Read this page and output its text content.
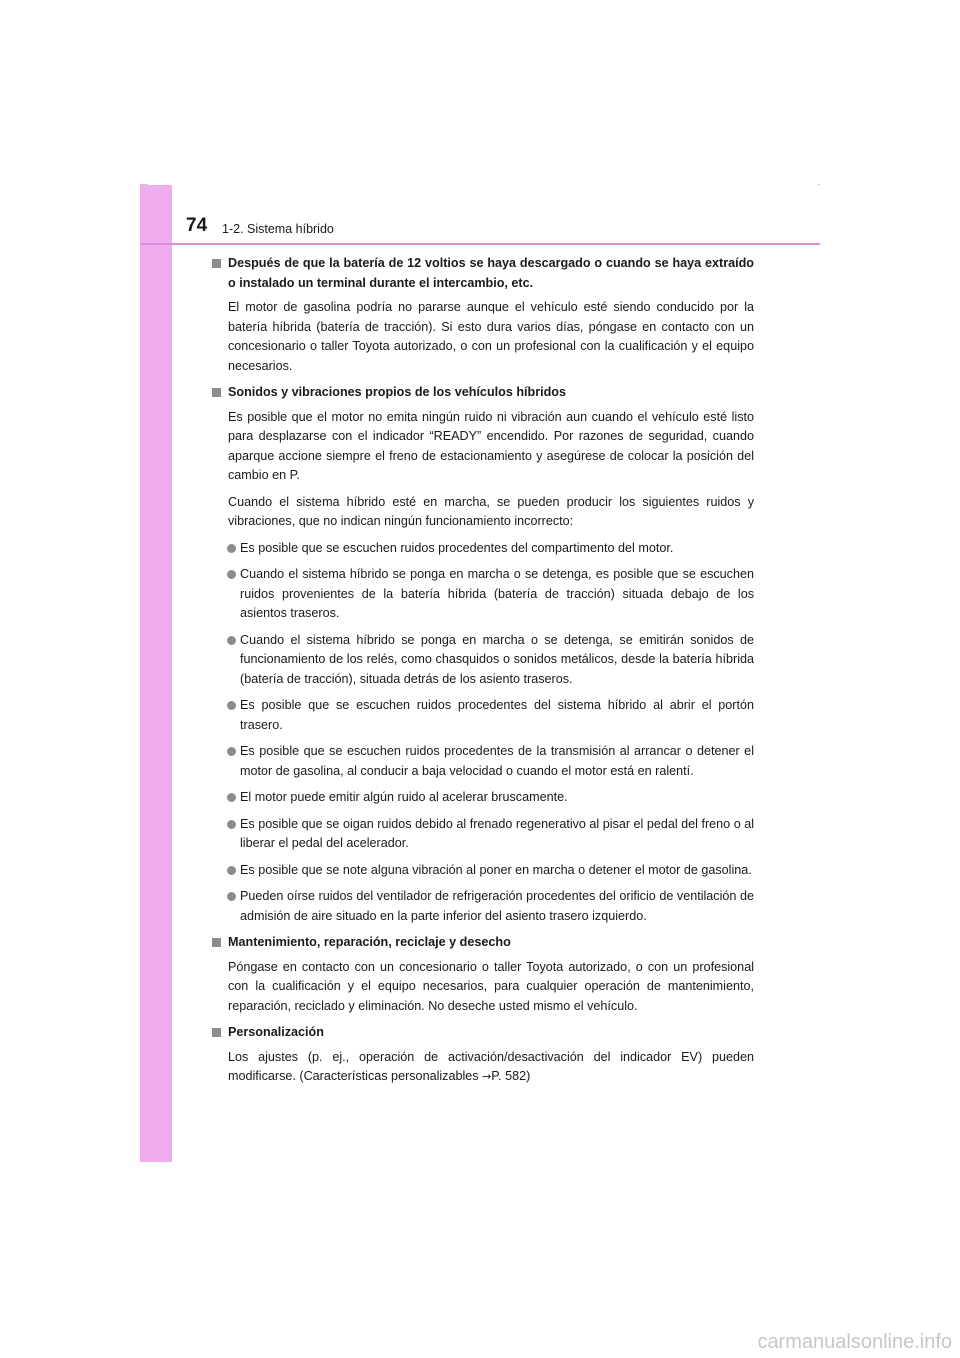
74 1-2. Sistema híbrido
Después de que la batería de 12 voltios se haya descargado o cuando se haya extraído o instalado un terminal durante el intercambio, etc.

El motor de gasolina podría no pararse aunque el vehículo esté siendo conducido por la batería híbrida (batería de tracción). Si esto dura varios días, póngase en contacto con un concesionario o taller Toyota autorizado, o con un profesional con la cualificación y el equipo necesarios.

Sonidos y vibraciones propios de los vehículos híbridos

Es posible que el motor no emita ningún ruido ni vibración aun cuando el vehículo esté listo para desplazarse con el indicador “READY” encendido. Por razones de seguridad, cuando aparque accione siempre el freno de estacionamiento y asegúrese de colocar la posición del cambio en P.

Cuando el sistema híbrido esté en marcha, se pueden producir los siguientes ruidos y vibraciones, que no indican ningún funcionamiento incorrecto:

Es posible que se escuchen ruidos procedentes del compartimento del motor.
Cuando el sistema híbrido se ponga en marcha o se detenga, es posible que se escuchen ruidos provenientes de la batería híbrida (batería de tracción) situada debajo de los asientos traseros.
Cuando el sistema híbrido se ponga en marcha o se detenga, se emitirán sonidos de funcionamiento de los relés, como chasquidos o sonidos metálicos, desde la batería híbrida (batería de tracción), situada detrás de los asiento traseros.
Es posible que se escuchen ruidos procedentes del sistema híbrido al abrir el portón trasero.
Es posible que se escuchen ruidos procedentes de la transmisión al arrancar o detener el motor de gasolina, al conducir a baja velocidad o cuando el motor está en ralentí.
El motor puede emitir algún ruido al acelerar bruscamente.
Es posible que se oigan ruidos debido al frenado regenerativo al pisar el pedal del freno o al liberar el pedal del acelerador.
Es posible que se note alguna vibración al poner en marcha o detener el motor de gasolina.
Pueden oírse ruidos del ventilador de refrigeración procedentes del orificio de ventilación de admisión de aire situado en la parte inferior del asiento trasero izquierdo.
Mantenimiento, reparación, reciclaje y desecho

Póngase en contacto con un concesionario o taller Toyota autorizado, o con un profesional con la cualificación y el equipo necesarios, para cualquier operación de mantenimiento, reparación, reciclado y eliminación. No deseche usted mismo el vehículo.

Personalización

Los ajustes (p. ej., operación de activación/desactivación del indicador EV) pueden modificarse. (Características personalizables →P. 582)

carmanualsonline.info
